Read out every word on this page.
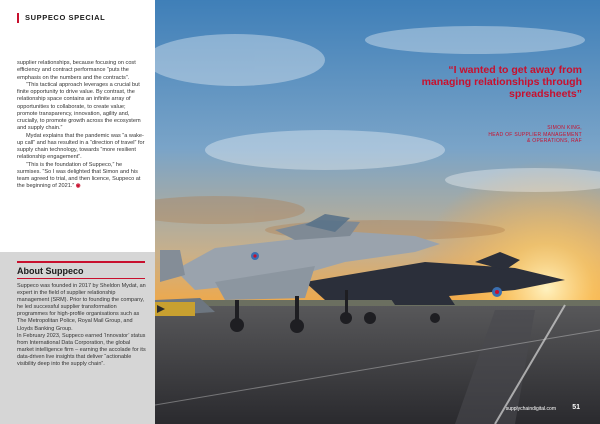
SUPPECO SPECIAL

supplier relationships, because focusing on cost efficiency and contract performance “puts the emphasis on the numbers and the contracts”.

“This tactical approach leverages a crucial but finite opportunity to drive value. By contrast, the relationship space contains an infinite array of opportunities to collaborate, to create value; promote transparency, innovation, agility and, crucially, to promote growth across the ecosystem and supply chain.”

Mydat explains that the pandemic was “a wake-up call” and has resulted in a “direction of travel” for supply chain technology, towards “more resilient relationship engagement”.

“This is the foundation of Suppeco,” he surmises. “So I was delighted that Simon and his team agreed to trial, and then licence, Suppeco at the beginning of 2021.” ◉

About Suppeco

Suppeco was founded in 2017 by Sheldon Mydat, an expert in the field of supplier relationship management (SRM). Prior to founding the company, he led successful supplier transformation programmes for high-profile organisations such as The Metropolitan Police, Royal Mail Group, and Lloyds Banking Group.

In February 2023, Suppeco earned ‘Innovator’ status from International Data Corporation, the global market intelligence firm – earning the accolade for its data-driven live insights that deliver “actionable visibility deep into the supply chain”.

“I wanted to get away from managing relationships through spreadsheets”
SIMON KING,
HEAD OF SUPPLIER MANAGEMENT
& OPERATIONS, RAF
supplychaindigital.com 51
